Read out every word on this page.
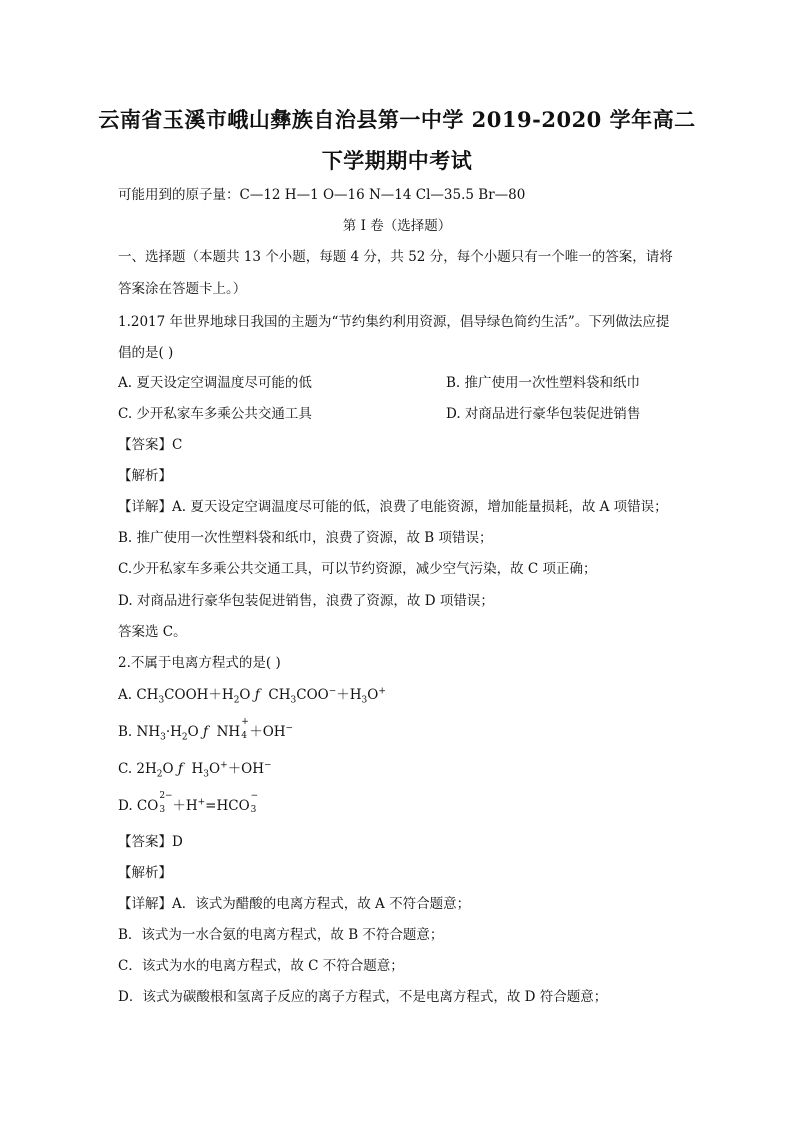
云南省玉溪市峨山彝族自治县第一中学 2019-2020 学年高二
下学期期中考试
可能用到的原子量：C—12 H—1 O—16 N—14 Cl—35.5 Br—80
第 I 卷（选择题）
一、选择题（本题共 13 个小题，每题 4 分，共 52 分，每个小题只有一个唯一的答案，请将
答案涂在答题卡上。）
1.2017 年世界地球日我国的主题为“节约集约利用资源，倡导绿色简约生活”。下列做法应提
倡的是( )
A. 夏天设定空调温度尽可能的低	B. 推广使用一次性塑料袋和纸巾
C. 少开私家车多乘公共交通工具	D. 对商品进行豪华包装促进销售
【答案】C
【解析】
【详解】A. 夏天设定空调温度尽可能的低，浪费了电能资源，增加能量损耗，故 A 项错误；
B. 推广使用一次性塑料袋和纸巾，浪费了资源，故 B 项错误；
C.少开私家车多乘公共交通工具，可以节约资源，减少空气污染，故 C 项正确；
D. 对商品进行豪华包装促进销售，浪费了资源，故 D 项错误；
答案选 C。
2.不属于电离方程式的是( )
A. $CH_3COOH+H_2O$ ƒ $CH_3COO^-+H_3O^+$
B. $NH_3\cdot H_2O$ ƒ NH
+
4 ＋OH−
C. $2H_2O$ ƒ $H_3O^++OH^-$
D. CO
2−
3 ＋H+=HCO
−
3
【答案】D
【解析】
【详解】A．该式为醋酸的电离方程式，故 A 不符合题意；
B．该式为一水合氨的电离方程式，故 B 不符合题意；
C．该式为水的电离方程式，故 C 不符合题意；
D．该式为碳酸根和氢离子反应的离子方程式，不是电离方程式，故 D 符合题意；
